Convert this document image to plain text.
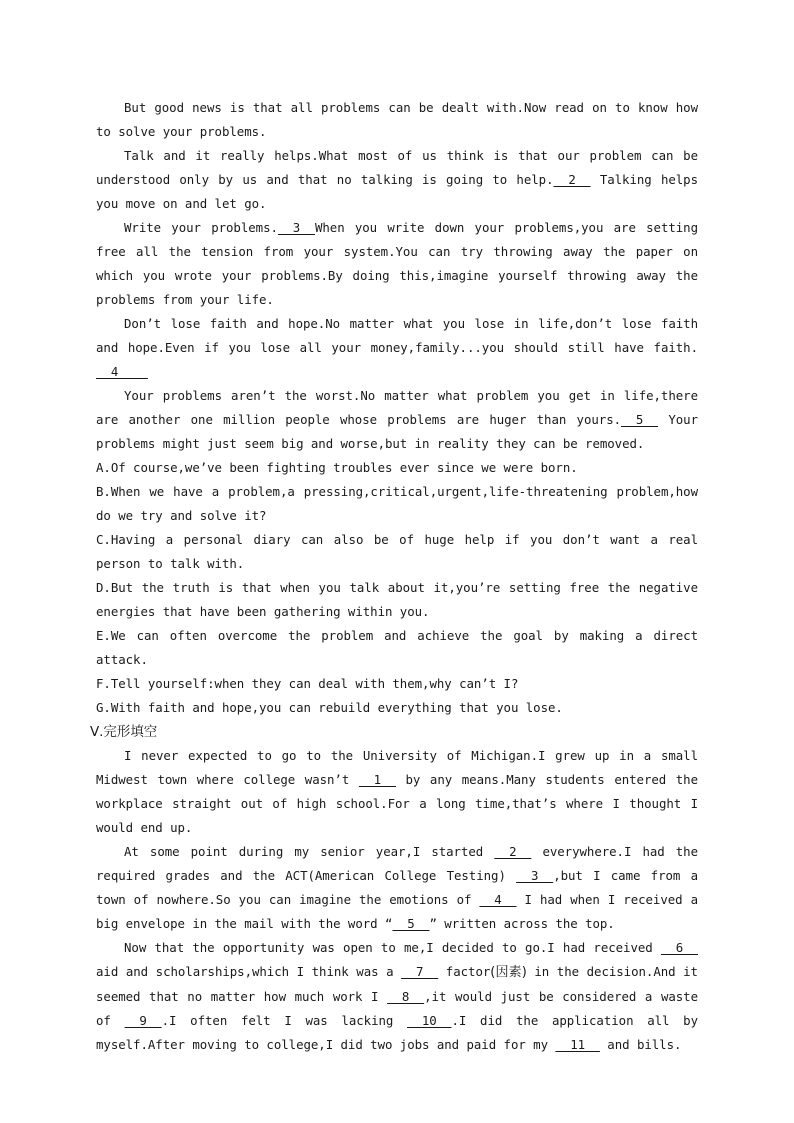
But good news is that all problems can be dealt with.Now read on to know how to solve your problems.

Talk and it really helps.What most of us think is that our problem can be understood only by us and that no talking is going to help.  2   Talking helps you move on and let go.

Write your problems.  3  When you write down your problems,you are setting free all the tension from your system.You can try throwing away the paper on which you wrote your problems.By doing this,imagine yourself throwing away the problems from your life.

Don’t lose faith and hope.No matter what you lose in life,don’t lose faith and hope.Even if you lose all your money,family...you should still have faith.  4

Your problems aren’t the worst.No matter what problem you get in life,there are another one million people whose problems are huger than yours.  5   Your problems might just seem big and worse,but in reality they can be removed.

A.Of course,we’ve been fighting troubles ever since we were born.

B.When we have a problem,a pressing,critical,urgent,life-threatening problem,how do we try and solve it?

C.Having a personal diary can also be of huge help if you don’t want a real person to talk with.

D.But the truth is that when you talk about it,you’re setting free the negative energies that have been gathering within you.

E.We can often overcome the problem and achieve the goal by making a direct attack.

F.Tell yourself:when they can deal with them,why can’t I?

G.With faith and hope,you can rebuild everything that you lose.

Ⅴ.完形填空

I never expected to go to the University of Michigan.I grew up in a small Midwest town where college wasn’t   1   by any means.Many students entered the workplace straight out of high school.For a long time,that’s where I thought I would end up.

At some point during my senior year,I started   2   everywhere.I had the required grades and the ACT(American College Testing)   3  ,but I came from a town of nowhere.So you can imagine the emotions of   4   I had when I received a big envelope in the mail with the word “  5  ” written across the top.

Now that the opportunity was open to me,I decided to go.I had received   6   aid and scholarships,which I think was a   7   factor(因素) in the decision.And it seemed that no matter how much work I   8  ,it would just be considered a waste of   9  .I often felt I was lacking   10  .I did the application all by myself.After moving to college,I did two jobs and paid for my   11   and bills.
